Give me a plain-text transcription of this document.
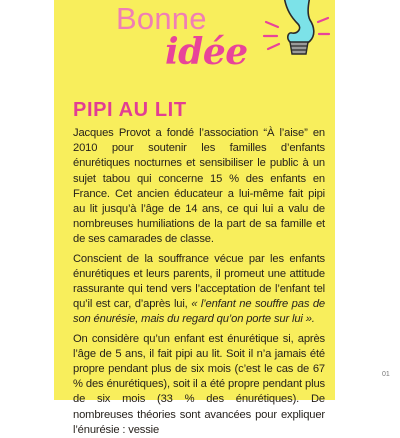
Bonne
idée
PIPI AU LIT

Jacques Provot a fondé l’association “À l’aise” en 2010 pour soutenir les familles d’enfants énurétiques nocturnes et sensibiliser le public à un sujet tabou qui concerne 15 % des enfants en France. Cet ancien éducateur a lui-même fait pipi au lit jusqu’à l’âge de 14 ans, ce qui lui a valu de nombreuses humiliations de la part de sa famille et de ses camarades de classe.

Conscient de la souffrance vécue par les enfants énurétiques et leurs parents, il promeut une attitude rassurante qui tend vers l’acceptation de l’enfant tel qu’il est car, d’après lui, « l’enfant ne souffre pas de son énurésie, mais du regard qu’on porte sur lui ».

On considère qu’un enfant est énurétique si, après l’âge de 5 ans, il fait pipi au lit. Soit il n’a jamais été propre pendant plus de six mois (c’est le cas de 67 % des énurétiques), soit il a été propre pendant plus de six mois (33 % des énurétiques). De nombreuses théories sont avancées pour expliquer l’énurésie : vessie

01
